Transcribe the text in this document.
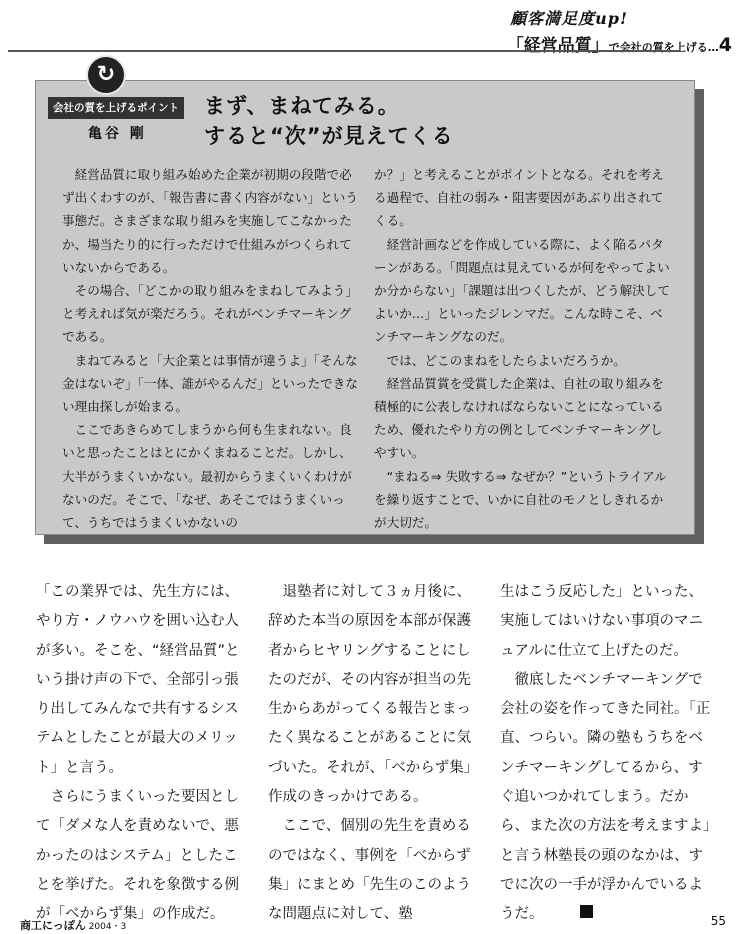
顧客満足度up!
「経営品質」で会社の質を上げる…4
↻
会社の質を上げるポイント
亀谷 剛
まず、まねてみる。
すると“次”が見えてくる

経営品質に取り組み始めた企業が初期の段階で必ず出くわすのが、「報告書に書く内容がない」という事態だ。さまざまな取り組みを実施してこなかったか、場当たり的に行っただけで仕組みがつくられていないからである。

その場合、「どこかの取り組みをまねしてみよう」と考えれば気が楽だろう。それがベンチマーキングである。

まねてみると「大企業とは事情が違うよ」「そんな金はないぞ」「一体、誰がやるんだ」といったできない理由探しが始まる。

ここであきらめてしまうから何も生まれない。良いと思ったことはとにかくまねることだ。しかし、大半がうまくいかない。最初からうまくいくわけがないのだ。そこで、「なぜ、あそこではうまくいって、うちではうまくいかないの

か？」と考えることがポイントとなる。それを考える過程で、自社の弱み・阻害要因があぶり出されてくる。

経営計画などを作成している際に、よく陥るパターンがある。「問題点は見えているが何をやってよいか分からない」「課題は出つくしたが、どう解決してよいか…」といったジレンマだ。こんな時こそ、ベンチマーキングなのだ。

では、どこのまねをしたらよいだろうか。

経営品質賞を受賞した企業は、自社の取り組みを積極的に公表しなければならないことになっているため、優れたやり方の例としてベンチマーキングしやすい。

“まねる⇒ 失敗する⇒ なぜか？”というトライアルを繰り返すことで、いかに自社のモノとしきれるかが大切だ。

「この業界では、先生方には、やり方・ノウハウを囲い込む人が多い。そこを、“経営品質”という掛け声の下で、全部引っ張り出してみんなで共有するシステムとしたことが最大のメリット」と言う。

さらにうまくいった要因として「ダメな人を責めないで、悪かったのはシステム」としたことを挙げた。それを象徴する例が「べからず集」の作成だ。

退塾者に対して３ヵ月後に、辞めた本当の原因を本部が保護者からヒヤリングすることにしたのだが、その内容が担当の先生からあがってくる報告とまったく異なることがあることに気づいた。それが、「べからず集」作成のきっかけである。

ここで、個別の先生を責めるのではなく、事例を「べからず集」にまとめ「先生のこのような問題点に対して、塾

生はこう反応した」といった、実施してはいけない事項のマニュアルに仕立て上げたのだ。

徹底したベンチマーキングで会社の姿を作ってきた同社。「正直、つらい。隣の塾もうちをベンチマーキングしてるから、すぐ追いつかれてしまう。だから、また次の方法を考えますよ」と言う林塾長の頭のなかは、すでに次の一手が浮かんでいるようだ。

商工にっぽん 2004・3	55
